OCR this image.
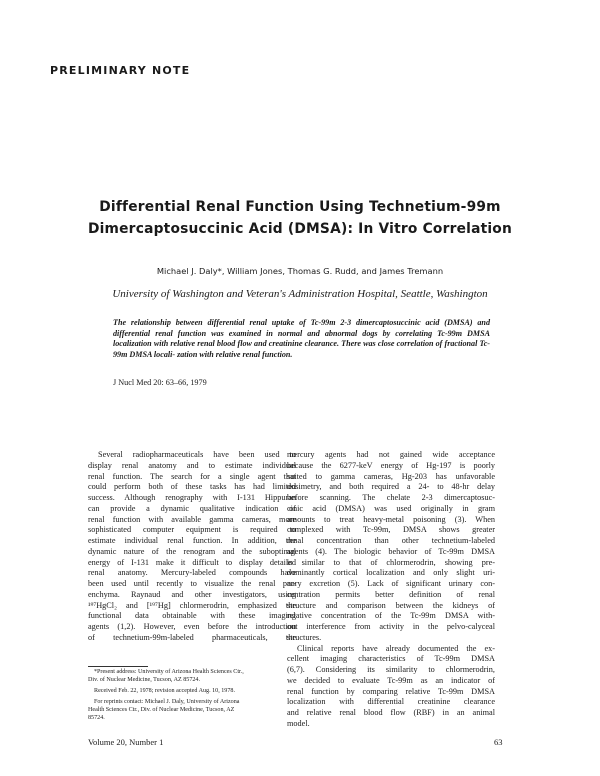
PRELIMINARY NOTE
Differential Renal Function Using Technetium-99m
Dimercaptosuccinic Acid (DMSA): In Vitro Correlation
Michael J. Daly*, William Jones, Thomas G. Rudd, and James Tremann
University of Washington and Veteran's Administration Hospital, Seattle, Washington
The relationship between differential renal uptake of Tc-99m 2-3 dimercaptosuccinic acid (DMSA) and differential renal function was examined in normal and abnormal dogs by correlating Tc-99m DMSA localization with relative renal blood flow and creatinine clearance. There was close correlation of fractional Tc-99m DMSA locali- zation with relative renal function.
J Nucl Med 20: 63–66, 1979
Several radiopharmaceuticals have been used to
display renal anatomy and to estimate individual
renal function. The search for a single agent that
could perform both of these tasks has had limited
success. Although renography with I-131 Hippuran
can provide a dynamic qualitative indication of
renal function with available gamma cameras, more
sophisticated computer equipment is required to
estimate individual renal function. In addition, the
dynamic nature of the renogram and the suboptimal
energy of I-131 make it difficult to display detailed
renal anatomy. Mercury-labeled compounds have
been used until recently to visualize the renal par-
enchyma. Raynaud and other investigators, using
¹⁹⁷HgCl₂ and [¹⁹⁷Hg] chlormerodrin, emphasized the
functional data obtainable with these imaging
agents (1,2). However, even before the introduction
of technetium-99m-labeled pharmaceuticals, the
*Present address: University of Arizona Health Sciences Ctr.,
Div. of Nuclear Medicine, Tucson, AZ 85724.
Received Feb. 22, 1978; revision accepted Aug. 10, 1978.
For reprints contact: Michael J. Daly, University of Arizona
Health Sciences Ctr., Div. of Nuclear Medicine, Tucson, AZ
85724.
mercury agents had not gained wide acceptance
because the 6277-keV energy of Hg-197 is poorly
suited to gamma cameras, Hg-203 has unfavorable
dosimetry, and both required a 24- to 48-hr delay
before scanning. The chelate 2-3 dimercaptosuc-
cinic acid (DMSA) was used originally in gram
amounts to treat heavy-metal poisoning (3). When
complexed with Tc-99m, DMSA shows greater
renal concentration than other technetium-labeled
agents (4). The biologic behavior of Tc-99m DMSA
is similar to that of chlormerodrin, showing pre-
dominantly cortical localization and only slight uri-
nary excretion (5). Lack of significant urinary con-
centration permits better definition of renal
structure and comparison between the kidneys of
relative concentration of the Tc-99m DMSA with-
out interference from activity in the pelvo-calyceal
structures.
Clinical reports have already documented the ex-
cellent imaging characteristics of Tc-99m DMSA
(6,7). Considering its similarity to chlormerodrin,
we decided to evaluate Tc-99m as an indicator of
renal function by comparing relative Tc-99m DMSA
localization with differential creatinine clearance
and relative renal blood flow (RBF) in an animal
model.
Volume 20, Number 1	63
